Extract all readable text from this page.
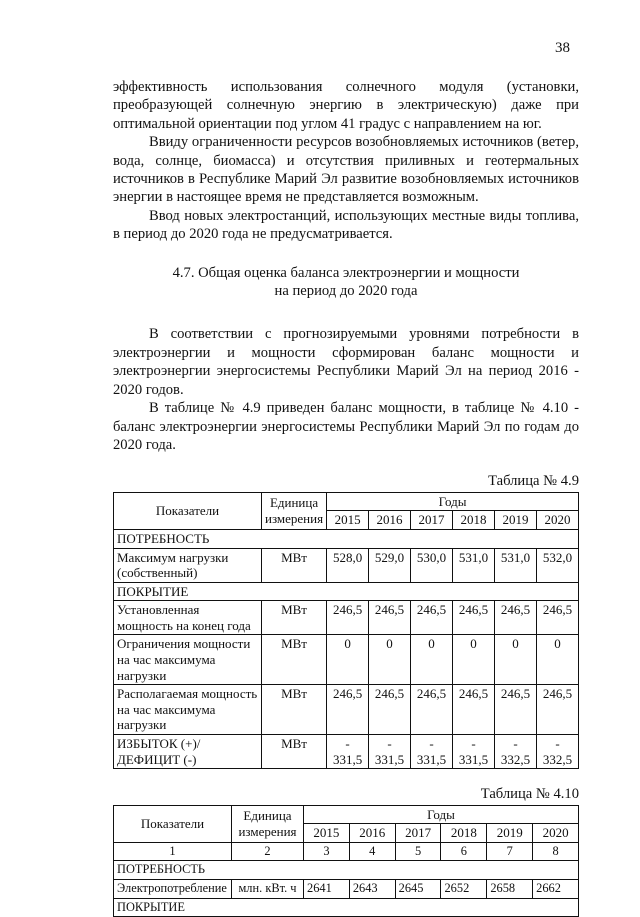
38

эффективность использования солнечного модуля (установки, преобразующей солнечную энергию в электрическую) даже при оптимальной ориентации под углом 41 градус с направлением на юг.

Ввиду ограниченности ресурсов возобновляемых источников (ветер, вода, солнце, биомасса) и отсутствия приливных и геотермальных источников в Республике Марий Эл развитие возобновляемых источников энергии в настоящее время не представляется возможным.

Ввод новых электростанций, использующих местные виды топлива, в период до 2020 года не предусматривается.

4.7. Общая оценка баланса электроэнергии и мощности
на период до 2020 года

В соответствии с прогнозируемыми уровнями потребности в электроэнергии и мощности сформирован баланс мощности и электроэнергии энергосистемы Республики Марий Эл на период 2016 - 2020 годов.

В таблице № 4.9 приведен баланс мощности, в таблице № 4.10 - баланс электроэнергии энергосистемы Республики Марий Эл по годам до 2020 года.

Таблица № 4.9

Показатели	Единица измерения	Годы					
		2015	2016	2017	2018	2019	2020
ПОТРЕБНОСТЬ							
Максимум нагрузки (собственный)	МВт	528,0	529,0	530,0	531,0	531,0	532,0
ПОКРЫТИЕ							
Установленная мощность на конец года	МВт	246,5	246,5	246,5	246,5	246,5	246,5
Ограничения мощности на час максимума нагрузки	МВт	0	0	0	0	0	0
Располагаемая мощность на час максимума нагрузки	МВт	246,5	246,5	246,5	246,5	246,5	246,5
ИЗБЫТОК (+)/ ДЕФИЦИТ (-)	МВт	- 331,5	- 331,5	- 331,5	- 331,5	- 332,5	- 332,5

Таблица № 4.10

Показатели	Единица измерения	Годы					
		2015	2016	2017	2018	2019	2020
1	2	3	4	5	6	7	8
ПОТРЕБНОСТЬ							
Электропотребление	млн. кВт. ч	2641	2643	2645	2652	2658	2662
ПОКРЫТИЕ							
